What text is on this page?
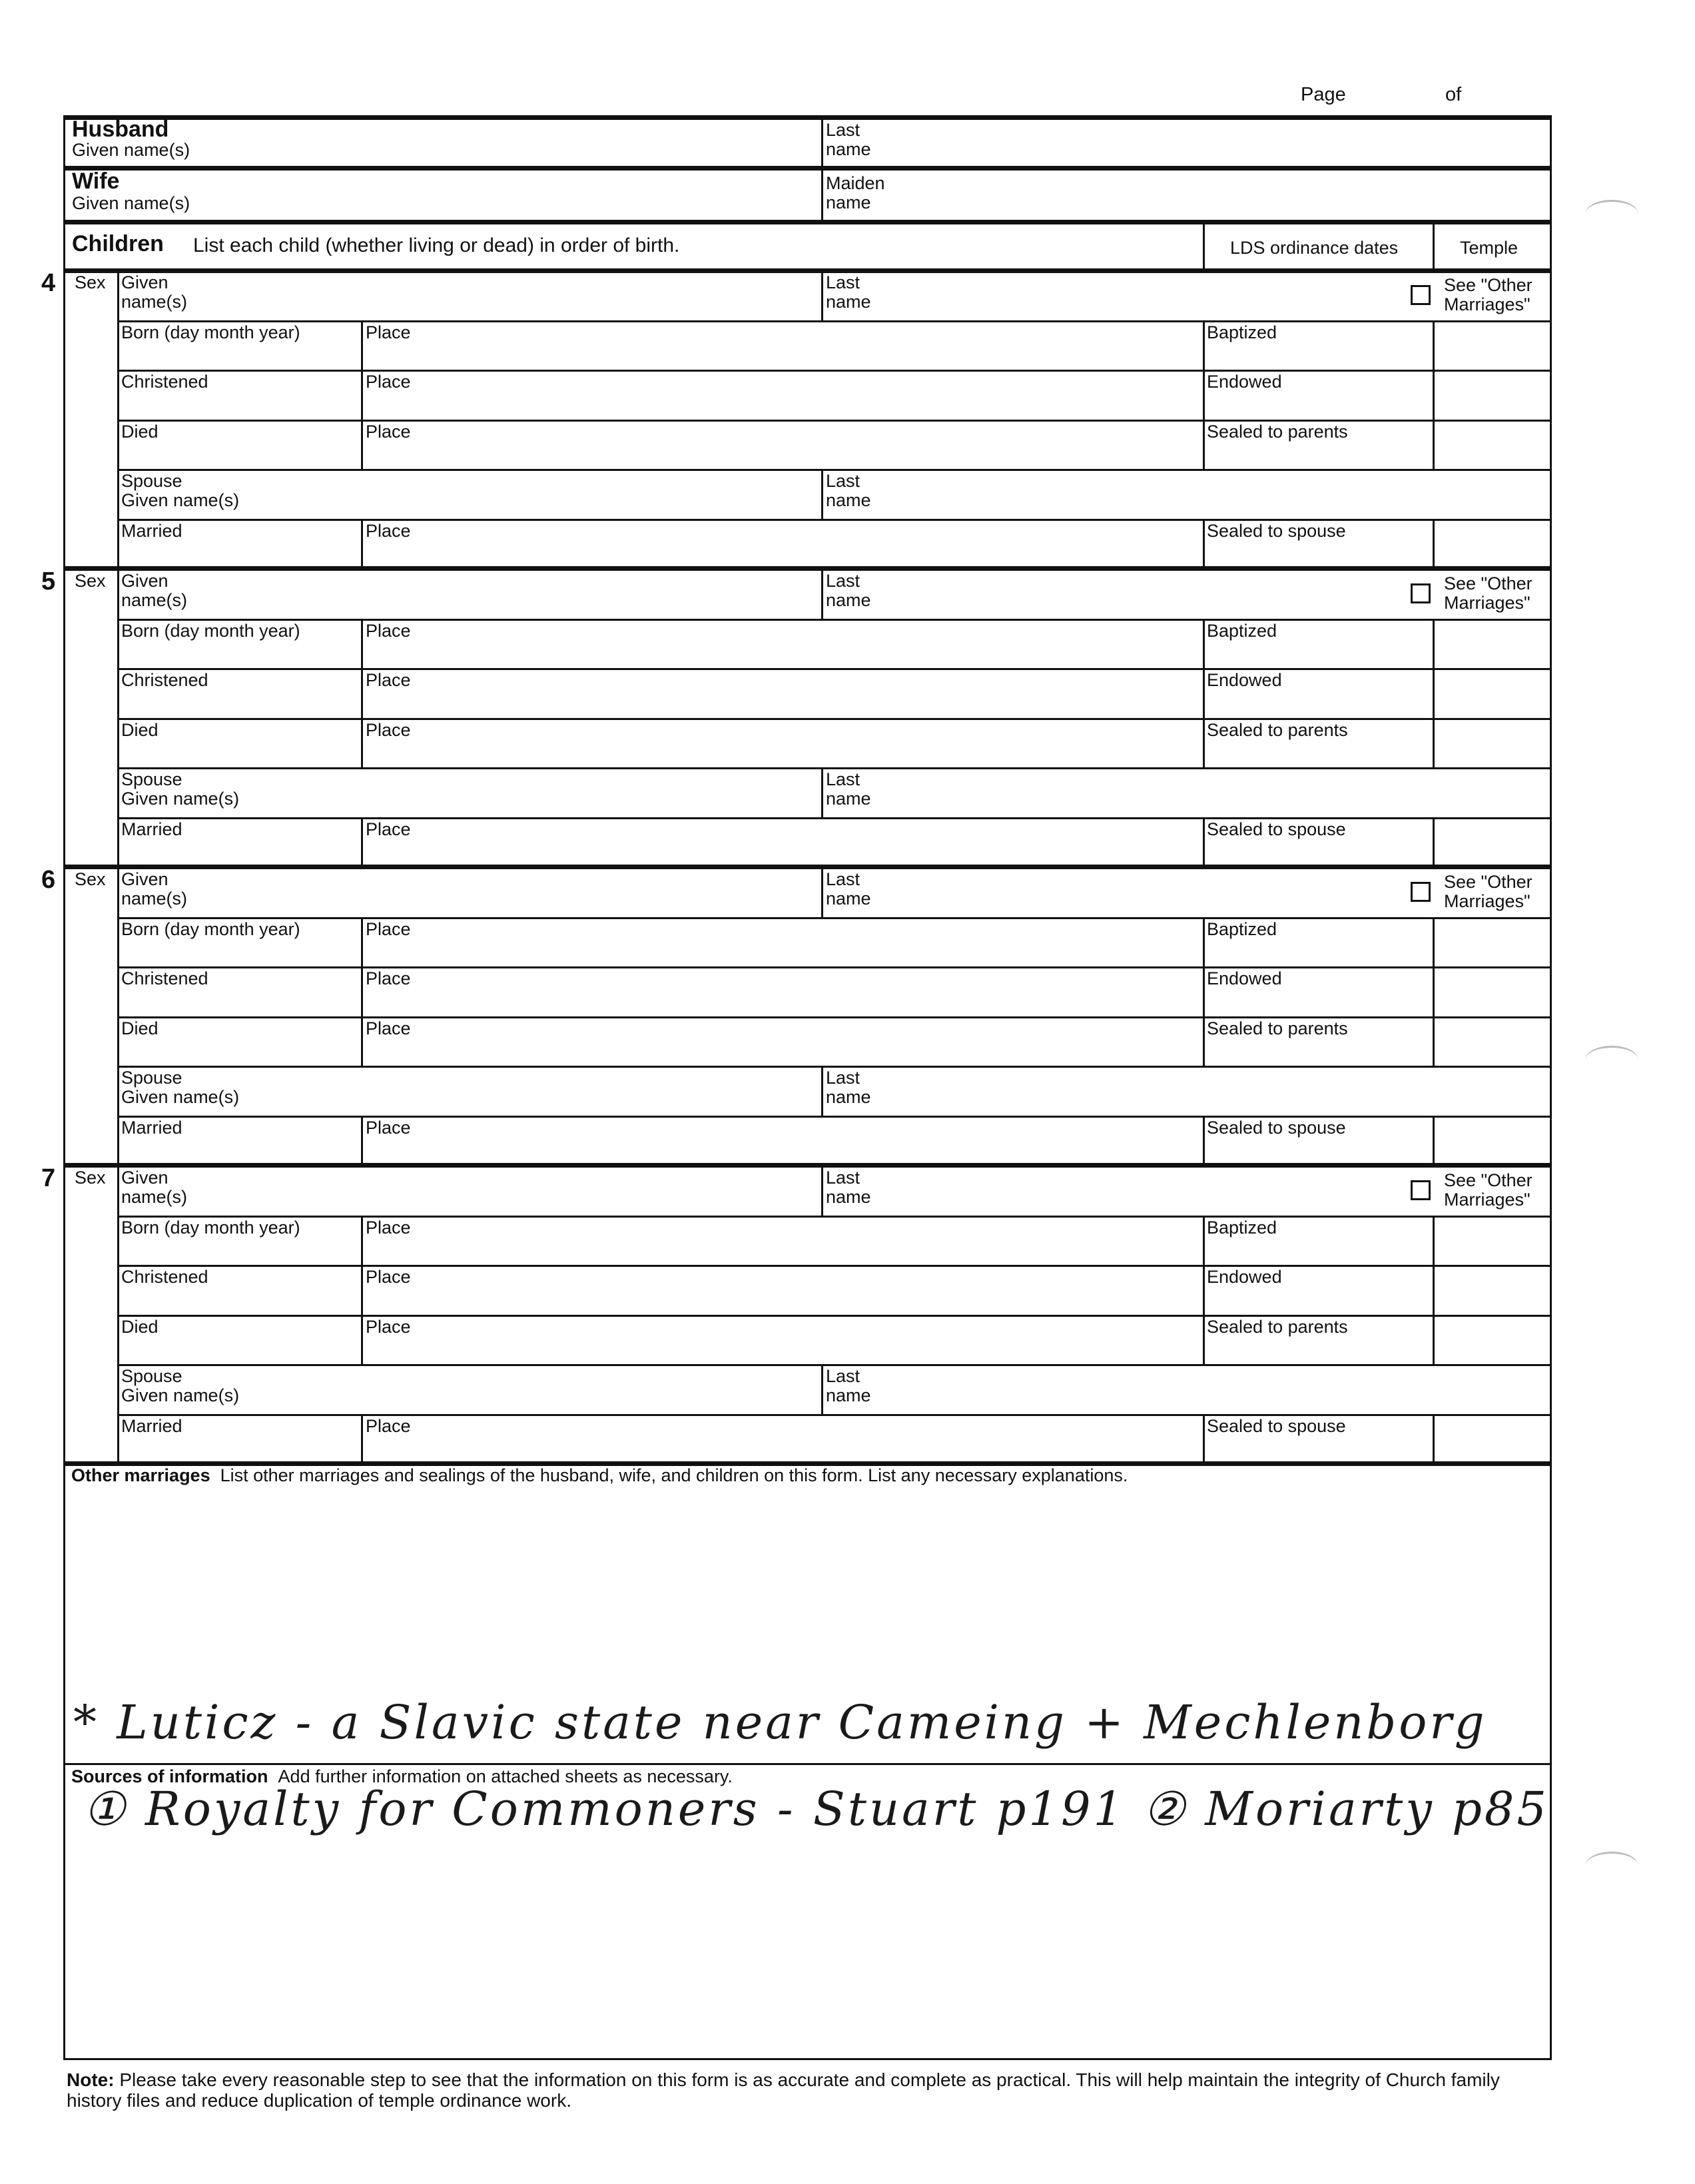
Page	of
Husband
Given name(s)
Last
name
Wife
Given name(s)
Maiden
name
Children List each child (whether living or dead) in order of birth.	LDS ordinance dates	Temple
4 Sex Given
name(s)
Last
name
See "Other
Marriages"
Born (day month year)	Place	Baptized
Christened	Place	Endowed
Died	Place	Sealed to parents
Spouse
Given name(s)
Last
name
Married	Place	Sealed to spouse
5 Sex Given
name(s)
Last
name
See "Other
Marriages"
Born (day month year)	Place	Baptized
Christened	Place	Endowed
Died	Place	Sealed to parents
Spouse
Given name(s)
Last
name
Married	Place	Sealed to spouse
6 Sex Given
name(s)
Last
name
See "Other
Marriages"
Born (day month year)	Place	Baptized
Christened	Place	Endowed
Died	Place	Sealed to parents
Spouse
Given name(s)
Last
name
Married	Place	Sealed to spouse
7 Sex Given
name(s)
Last
name
See "Other
Marriages"
Born (day month year)	Place	Baptized
Christened	Place	Endowed
Died	Place	Sealed to parents
Spouse
Given name(s)
Last
name
Married	Place	Sealed to spouse
Other marriages List other marriages and sealings of the husband, wife, and children on this form. List any necessary explanations.
* Luticz - a Slavic state near Cameing + Mechlenborg
Sources of information Add further information on attached sheets as necessary.
① Royalty for Commoners - Stuart p191 ② Moriarty p85
Note: Please take every reasonable step to see that the information on this form is as accurate and complete as practical. This will help maintain the integrity of Church family history files and reduce duplication of temple ordinance work.
